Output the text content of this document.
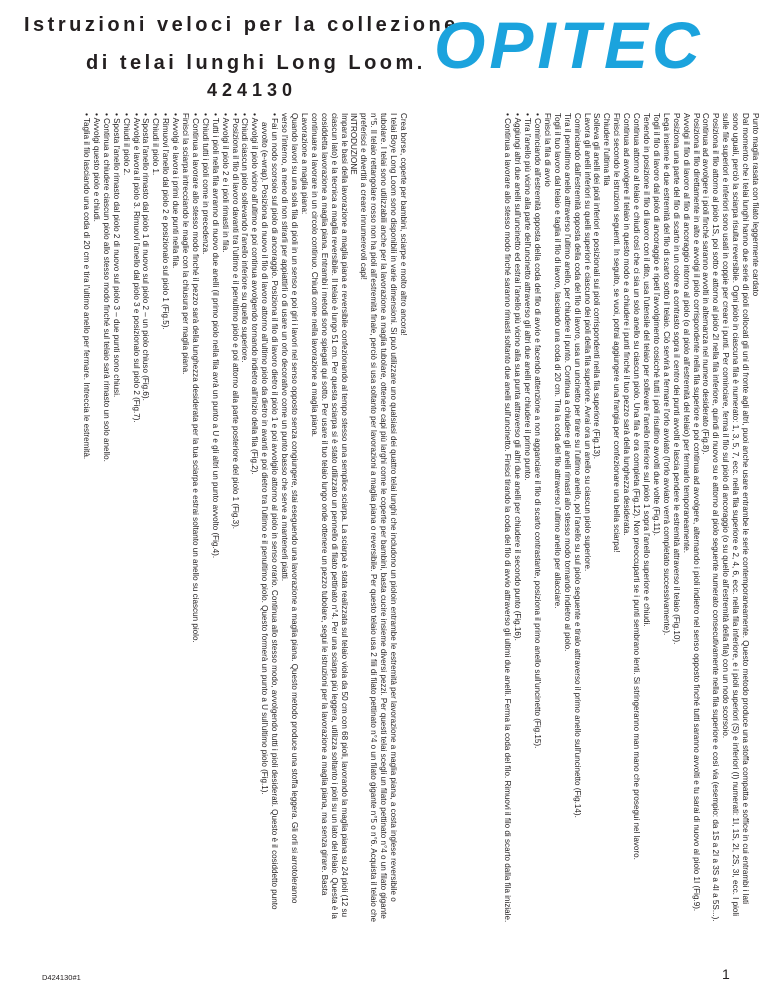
Istruzioni veloci per la collezione
di telai lunghi Long Loom.
424130
OPITEC

Crea borse, coperte per bambini, sciarpe e molto altro ancora!

I telai Boye Long Loom sono disponibili in varie dimensioni. Si può utilizzare uno qualsiasi dei quattro telai lunghi che includono un pioloin entrambe le estremità per lavorazione a maglia piana, a costa inglese reversibile o tubolare. I telai sono utilizzabili anche per la lavorazione a maglia tubolare, ottenere capi più larghi come le coperte per bambini, basta cucire insieme diversi pezzi. Per questi telai scegli un filato pettinato n°4 o un filato gigante n°5. Il telaio rettangolare rosso non ha pioli all'estremità finale, perciò si usa soltanto per lavorazioni a maglia piana o reversibile. Per questo telaio usa 2 fili di filato pettinato n°4 o un filato gigante n°5 o n°6. Acquista il telaio che preferisci e divertiti a creare innumerevoli capi!

INTRODUZIONE

Impara le basi della lavorazione a maglia piana e reversibile confezionando al tempo stesso una semplice sciarpa. La sciarpa è stata realizzata sul telaio viola da 50 cm con 68 pioli, lavorando la maglia piana su 24 pioli (12 su ciascun lato) e la tecnica a maglia reversibile. Il telaio è lungo 51 cm. Per questa sciarpa si è stato utilizzato un pennello di filato pettinato n°4. Per una sciarpa più leggera, utilizza soltanto i pioli su un lato del telaio. Questa è la cosiddetta lavorazione a maglia piana. Entrambi i metodi sono spiegati qui sotto. Per usare il tuo telaio lungo onde ottenere un pezzo tubolare, segui le istruzioni per la lavorazione a maglia piana, ma senza girare. Basta continuare a lavorare in un circolo continuo. Chiudi come nella lavorazione a maglia piana.

Lavorazione a maglia piana:

Quando lavori su una sola fila di pioli in un senso e poi giri i lavori nel senso opposto senza congiungere, stai eseguendo una lavorazione a maglia piana. Questo metodo produce una stoffa leggera. Gli orli si arrotoleranno verso l'interno, a meno di non stirarli per appiattirli o di usare un orlo decorativo come un punto basso che serve a mantenerli piatti.

• Fai un nodo scorsoio sul piolo di ancoraggio. Posiziona il filo di lavoro dietro il piolo 1 e poi avvolgilo attorno al piolo in senso orario. Continua allo stesso modo, avvolgendo tutti i pioli desiderati. Questo è il cosiddetto punto avvolto (e-wrap). Posiziona di nuovo il filo di lavoro attorno all'ultimo piolo da dietro in avanti e poi dietro tra l'ultimo e il penultimo piolo. Questo formerà un punto a U sull'ultimo piolo (Fig.1).

• Avvolgi il piolo vicino all'ultimo e poi continua avvolgendo tornando indietro all'inizio della fila (Fig.2).

• Chiudi ciascun piolo sollevando l'anello inferiore su quello superiore.

• Posiziona il filo di lavoro davanti tra l'ultimo e il penultimo piolo e poi attorno alla parte posteriore del piolo 1 (Fig.3).

• Avvolgi il piolo 2 e i pioli rimasti in fila.

• Tutti i pioli nella fila avranno di nuovo due anelli (il primo piolo nella fila avrà un punto a U e gli altri un punto avvolto (Fig.4).

• Chiudi tutti i pioli come in precedenza.

• Continua a lavorare allo stesso modo finché il pezzo sarà della lunghezza desiderata per la tua sciarpa e estrai soltanto un anello su ciascun piolo.

Finisci la sciarpa intrecciando le maglie con la chiusura per maglia piana.

• Avvolgi e lavora i primi due punti nella fila.

• Rimuovi l'anello dal piolo 2 e posizionalo sul piolo 1 (Fig.5).

• Chiudi il piolo 1.

• Sposta l'anello rimasto dal piolo 1 di nuovo sul piolo 2 – un piolo chiuso (Fig.6).

• Avvolgi e lavora il piolo 3. Rimuovi l'anello dal piolo 3 e posizionalo sul piolo 2 (Fig.7).

• Chiudi il piolo 2.

• Sposta l'anello rimasto dal piolo 2 di nuovo sul piolo 3 – due punti sono chiusi.

• Continua a chiudere ciascun piolo allo stesso modo finché sul telaio sarà rimasto un solo anello.

• Avvolgi questo piolo e chiudi.

• Taglia il filo lasciando una coda di 20 cm e tira l'ultimo anello per fermare. Intreccia le estremità.	Punto maglia rasata con filato leggermente cardato

Dal momento che i telai lunghi hanno due serie di pioli collocati gli uni di fronte agli altri, puoi anche usare entrambe le serie contemporaneamente. Questo metodo produce una stoffa compatta e soffice in cui entrambi i lati sono uguali, perciò la sciarpa risulta reversibile. Ogni piolo in ciascuna fila è numerato: 1, 3, 5, 7, ecc. nella fila superiore e 2, 4, 6, ecc. nella fila inferiore, e i pioli superiori (S) e inferiori (I) numerati: 1I, 1S, 2I, 2S, 3I, ecc. I pioli sulle file superiori e inferiori sono usati in coppie per creare i punti. Per cominciare, ferma il filo sul piolo di ancoraggio (o su quello all'estremità della fila) con un nodo scorsoio.

Posiziona il filo attorno al piolo 1S, poi sotto e attorno al piolo 2I nella fila inferiore, quindi di nuovo su e attorno al piolo seguente numerato consecutivamente nella fila superiore e così via (esempio: da 1S a 2I a 3S a 4I a 5S...).

Continua ad avvolgere i pioli finché saranno avvolti in alternanza nel numero desiderato (Fig.8).

Posiziona il filo direttamente in alto e avvolgi il piolo corrispondente nella fila superiore e poi continua ad avvolgere, alternando i pioli indietro nel senso opposto finché tutti saranno avvolti e tu sarai di nuovo al piolo 1I (Fig.9).

Avvolgi il filo di lavoro al filo di ancoraggio intorno al piolo (o al piolo all'estremità del telaio) per fermarlo temporaneamente.

Posiziona una parte del filo di scarto in un colore a contrasto sopra il centro dei punti avvolti e lascia pendere le estremità attraverso il telaio (Fig.10).

Lega insieme le due estremità del filo di scarto sotto il telaio. Ciò servirà a fermare l'orlo avviato (l'orlo avviato verrà completato successivamente).

Togli il filo di lavoro dal piolo di ancoraggio e ripeti l'avvolgimento cosicché tutti i pioli risultino avvolti due volte (Fig.11).

Tenendo in posizione il filo di lavoro con il dito, usa l'utensile del telaio per sollevare l'anello inferiore sul piolo 1 sopra l'anello superiore e chiudi.

Continua attorno al telaio e chiudi così che ci sia un solo anello su ciascun piolo. Una fila è ora completa (Fig.12). Non preoccuparti se i punti sembrano lenti. Si stringeranno man mano che prosegui nel lavoro.

Continua ad avvolgere il telaio in questo modo e a chiudere i punti finché il tuo pezzo sarà della lunghezza desiderata.

Finisci secondo le istruzioni seguenti. In seguito, se vuoi, potrai aggiungere una frangia per confezionare una bella sciarpa!

Chiudere l'ultima fila

Solleva gli anelli dei pioli inferiori e posizionali sui pioli corrispondenti nella fila superiore (Fig.13).

Lavora gli anelli inferiori su quelli superiori e ciascuno dei pioli della fila superiore. Avrai ora un anello su ciascun piolo superiore.

Cominciando dall'estremità opposta della coda del filo di lavoro, usa un uncinetto per tirare su l'ultimo anello, poi l'anello su sul piolo seguente e tiralo attraverso il primo anello sull'uncinetto (Fig.14).

Tira il penultimo anello attraverso l'ultimo anello, per chiudere il punto. Continua a chiudere gli anelli rimasti allo stesso modo tornando indietro al piolo.

Togli il tuo lavoro dal telaio e taglia il filo di lavoro, lasciando una coda di 20 cm. Tira la coda del filo attraverso l'ultimo anello per allacciare.

Finisci la fila di avvio

• Cominciando all'estremità opposta della coda del filo di avvio e facendo attenzione a non agganciare il filo di scarto contrastante, posiziona il primo anello sull'uncinetto (Fig.15).

• Tira l'anello più vicino alla parte dell'uncinetto attraverso gli altri due anelli per chiudere il primo punto.

• Aggiungi altri due anelli sull'uncinetto ed estrai l'anello più vicino alla sua punta attraverso gli altri due anelli per chiudere il secondo punto (Fig.16).

• Continua a lavorare allo stesso modo finché saranno rimasti soltanto due anelli sull'uncinetto. Finisci tirando la coda del filo di avvio attraverso gli ultimi due anelli. Ferma la coda del filo. Rimuovi il filo di scarto dalla fila iniziale.

D424130#1	1
